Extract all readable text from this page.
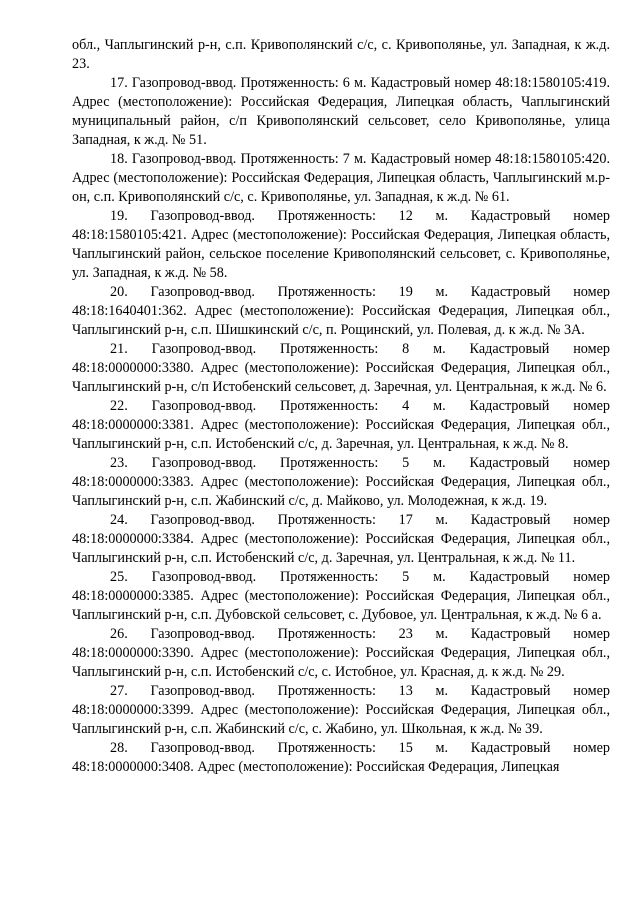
обл., Чаплыгинский р-н, с.п. Кривополянский с/с, с. Кривополянье, ул. Западная, к ж.д. 23.

17. Газопровод-ввод. Протяженность: 6 м. Кадастровый номер 48:18:1580105:419. Адрес (местоположение): Российская Федерация, Липецкая область, Чаплыгинский муниципальный район, с/п Кривополянский сельсовет, село Кривополянье, улица Западная, к ж.д. № 51.

18. Газопровод-ввод. Протяженность: 7 м. Кадастровый номер 48:18:1580105:420. Адрес (местоположение): Российская Федерация, Липецкая область, Чаплыгинский м.р-он, с.п. Кривополянский с/с, с. Кривополянье, ул. Западная, к ж.д. № 61.

19. Газопровод-ввод. Протяженность: 12 м. Кадастровый номер 48:18:1580105:421. Адрес (местоположение): Российская Федерация, Липецкая область, Чаплыгинский район, сельское поселение Кривополянский сельсовет, с. Кривополянье, ул. Западная, к ж.д. № 58.

20. Газопровод-ввод. Протяженность: 19 м. Кадастровый номер 48:18:1640401:362. Адрес (местоположение): Российская Федерация, Липецкая обл., Чаплыгинский р-н, с.п. Шишкинский с/с, п. Рощинский, ул. Полевая, д. к ж.д. № 3А.

21. Газопровод-ввод. Протяженность: 8 м. Кадастровый номер 48:18:0000000:3380. Адрес (местоположение): Российская Федерация, Липецкая обл., Чаплыгинский р-н, с/п Истобенский сельсовет, д. Заречная, ул. Центральная, к ж.д. № 6.

22. Газопровод-ввод. Протяженность: 4 м. Кадастровый номер 48:18:0000000:3381. Адрес (местоположение): Российская Федерация, Липецкая обл., Чаплыгинский р-н, с.п. Истобенский с/с, д. Заречная, ул. Центральная, к ж.д. № 8.

23. Газопровод-ввод. Протяженность: 5 м. Кадастровый номер 48:18:0000000:3383. Адрес (местоположение): Российская Федерация, Липецкая обл., Чаплыгинский р-н, с.п. Жабинский с/с, д. Майково, ул. Молодежная, к ж.д. 19.

24. Газопровод-ввод. Протяженность: 17 м. Кадастровый номер 48:18:0000000:3384. Адрес (местоположение): Российская Федерация, Липецкая обл., Чаплыгинский р-н, с.п. Истобенский с/с, д. Заречная, ул. Центральная, к ж.д. № 11.

25. Газопровод-ввод. Протяженность: 5 м. Кадастровый номер 48:18:0000000:3385. Адрес (местоположение): Российская Федерация, Липецкая обл., Чаплыгинский р-н, с.п. Дубовской сельсовет, с. Дубовое, ул. Центральная, к ж.д. № 6 а.

26. Газопровод-ввод. Протяженность: 23 м. Кадастровый номер 48:18:0000000:3390. Адрес (местоположение): Российская Федерация, Липецкая обл., Чаплыгинский р-н, с.п. Истобенский с/с, с. Истобное, ул. Красная, д. к ж.д. № 29.

27. Газопровод-ввод. Протяженность: 13 м. Кадастровый номер 48:18:0000000:3399. Адрес (местоположение): Российская Федерация, Липецкая обл., Чаплыгинский р-н, с.п. Жабинский с/с, с. Жабино, ул. Школьная, к ж.д. № 39.

28. Газопровод-ввод. Протяженность: 15 м. Кадастровый номер 48:18:0000000:3408. Адрес (местоположение): Российская Федерация, Липецкая
